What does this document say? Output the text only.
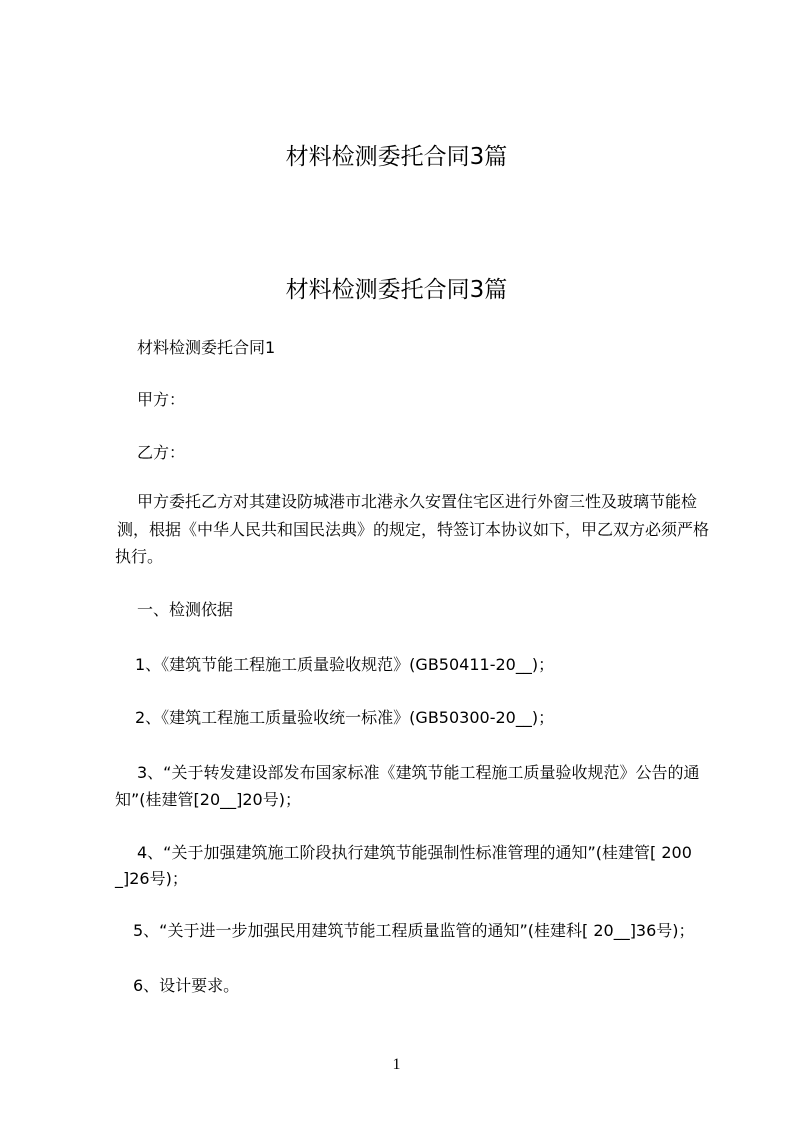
材料检测委托合同3篇
材料检测委托合同3篇
材料检测委托合同1
甲方：
乙方：
甲方委托乙方对其建设防城港市北港永久安置住宅区进行外窗三性及玻璃节能检
测，根据《中华人民共和国民法典》的规定，特签订本协议如下，甲乙双方必须严格
执行。
一、检测依据
1、《建筑节能工程施工质量验收规范》(GB50411-20__)；
2、《建筑工程施工质量验收统一标准》(GB50300-20__)；
3、“关于转发建设部发布国家标准《建筑节能工程施工质量验收规范》公告的通
知”(桂建管[20__]20号)；
4、“关于加强建筑施工阶段执行建筑节能强制性标准管理的通知”(桂建管[ 200
_]26号)；
5、“关于进一步加强民用建筑节能工程质量监管的通知”(桂建科[ 20__]36号)；
6、设计要求。
1
